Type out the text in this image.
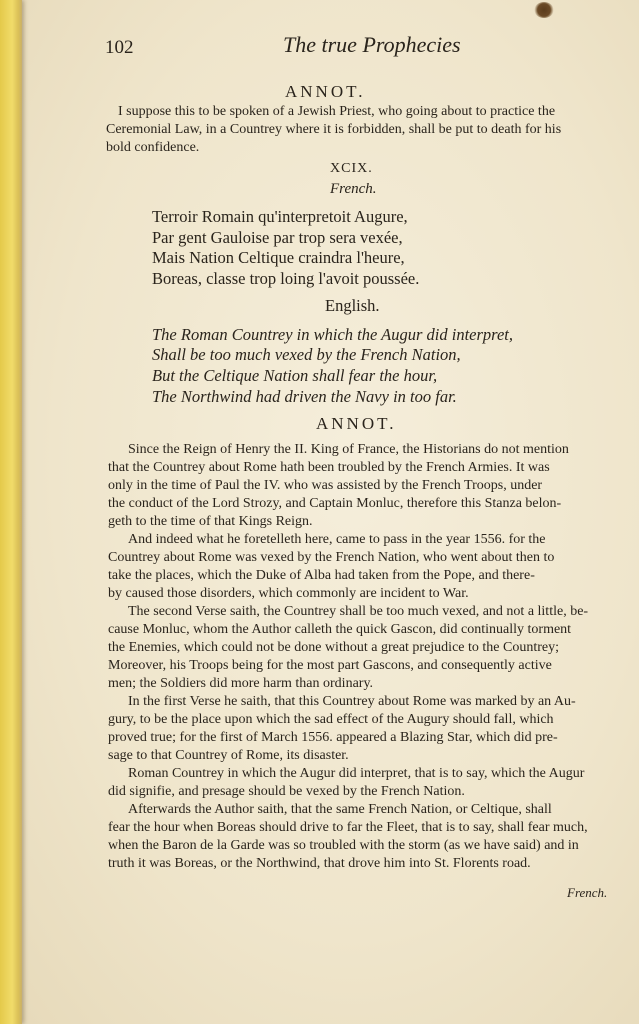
102	The true Prophecies
ANNOT.
I suppose this to be spoken of a Jewish Priest, who going about to practice the
Ceremonial Law, in a Countrey where it is forbidden, shall be put to death for his
bold confidence.
XCIX.
French.
Terroir Romain qu'interpretoit Augure,
Par gent Gauloise par trop sera vexée,
Mais Nation Celtique craindra l'heure,
Boreas, classe trop loing l'avoit poussée.
English.
The Roman Countrey in which the Augur did interpret,
Shall be too much vexed by the French Nation,
But the Celtique Nation shall fear the hour,
The Northwind had driven the Navy in too far.
ANNOT.
Since the Reign of Henry the II. King of France, the Historians do not mention
that the Countrey about Rome hath been troubled by the French Armies. It was
only in the time of Paul the IV. who was assisted by the French Troops, under
the conduct of the Lord Strozy, and Captain Monluc, therefore this Stanza belon-
geth to the time of that Kings Reign.
And indeed what he foretelleth here, came to pass in the year 1556. for the
Countrey about Rome was vexed by the French Nation, who went about then to
take the places, which the Duke of Alba had taken from the Pope, and there-
by caused those disorders, which commonly are incident to War.
The second Verse saith, the Countrey shall be too much vexed, and not a little, be-
cause Monluc, whom the Author calleth the quick Gascon, did continually torment
the Enemies, which could not be done without a great prejudice to the Countrey;
Moreover, his Troops being for the most part Gascons, and consequently active
men; the Soldiers did more harm than ordinary.
In the first Verse he saith, that this Countrey about Rome was marked by an Au-
gury, to be the place upon which the sad effect of the Augury should fall, which
proved true; for the first of March 1556. appeared a Blazing Star, which did pre-
sage to that Countrey of Rome, its disaster.
Roman Countrey in which the Augur did interpret, that is to say, which the Augur
did signifie, and presage should be vexed by the French Nation.
Afterwards the Author saith, that the same French Nation, or Celtique, shall
fear the hour when Boreas should drive to far the Fleet, that is to say, shall fear much,
when the Baron de la Garde was so troubled with the storm (as we have said) and in
truth it was Boreas, or the Northwind, that drove him into St. Florents road.
French.
